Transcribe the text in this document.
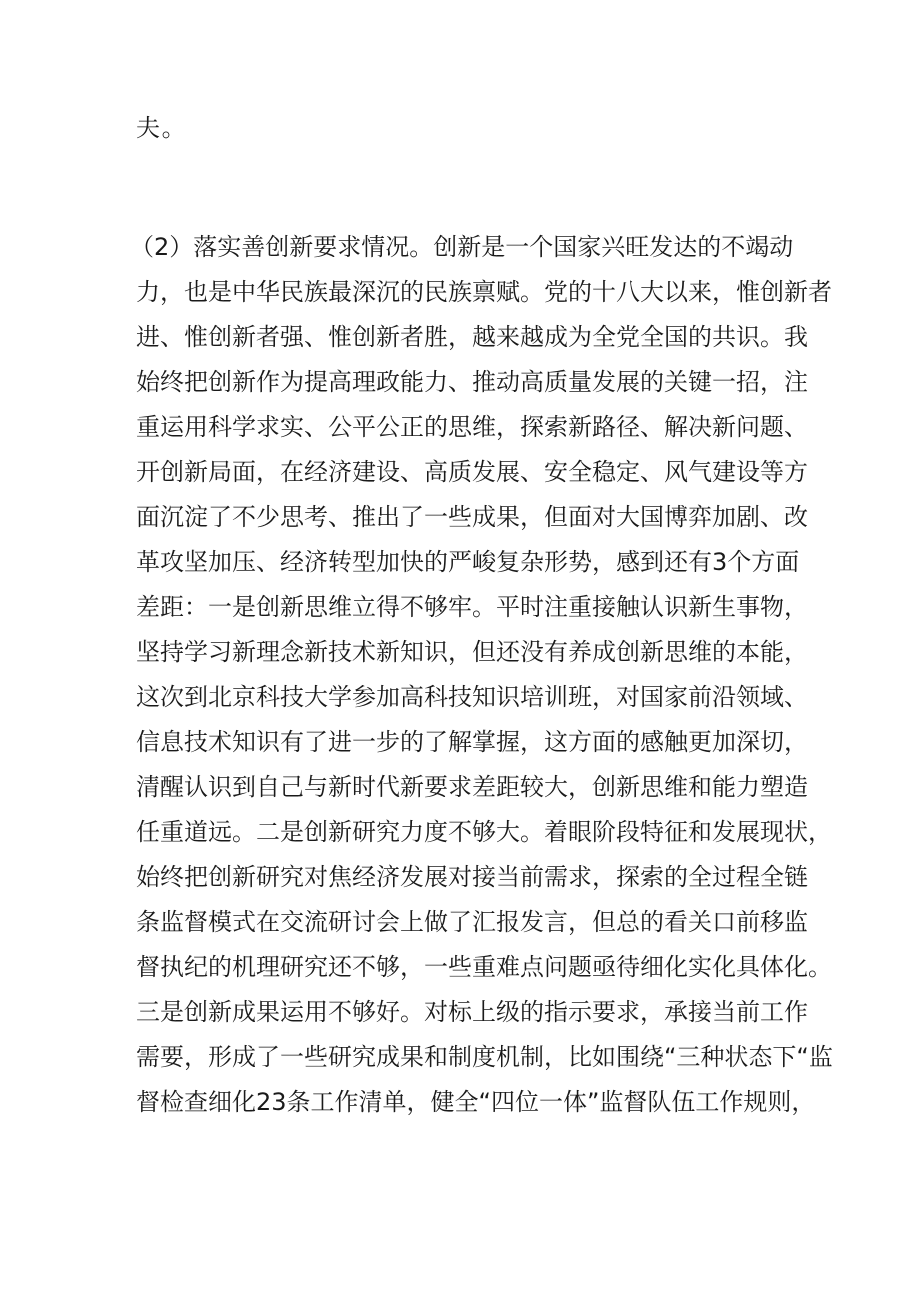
夫。
（2）落实善创新要求情况。创新是一个国家兴旺发达的不竭动
力，也是中华民族最深沉的民族禀赋。党的十八大以来，惟创新者
进、惟创新者强、惟创新者胜，越来越成为全党全国的共识。我
始终把创新作为提高理政能力、推动高质量发展的关键一招，注
重运用科学求实、公平公正的思维，探索新路径、解决新问题、
开创新局面，在经济建设、高质发展、安全稳定、风气建设等方
面沉淀了不少思考、推出了一些成果，但面对大国博弈加剧、改
革攻坚加压、经济转型加快的严峻复杂形势，感到还有3个方面
差距：一是创新思维立得不够牢。平时注重接触认识新生事物，
坚持学习新理念新技术新知识，但还没有养成创新思维的本能，
这次到北京科技大学参加高科技知识培训班，对国家前沿领域、
信息技术知识有了进一步的了解掌握，这方面的感触更加深切，
清醒认识到自己与新时代新要求差距较大，创新思维和能力塑造
任重道远。二是创新研究力度不够大。着眼阶段特征和发展现状，
始终把创新研究对焦经济发展对接当前需求，探索的全过程全链
条监督模式在交流研讨会上做了汇报发言，但总的看关口前移监
督执纪的机理研究还不够，一些重难点问题亟待细化实化具体化。
三是创新成果运用不够好。对标上级的指示要求，承接当前工作
需要，形成了一些研究成果和制度机制，比如围绕“三种状态下“监
督检查细化23条工作清单，健全“四位一体”监督队伍工作规则，
